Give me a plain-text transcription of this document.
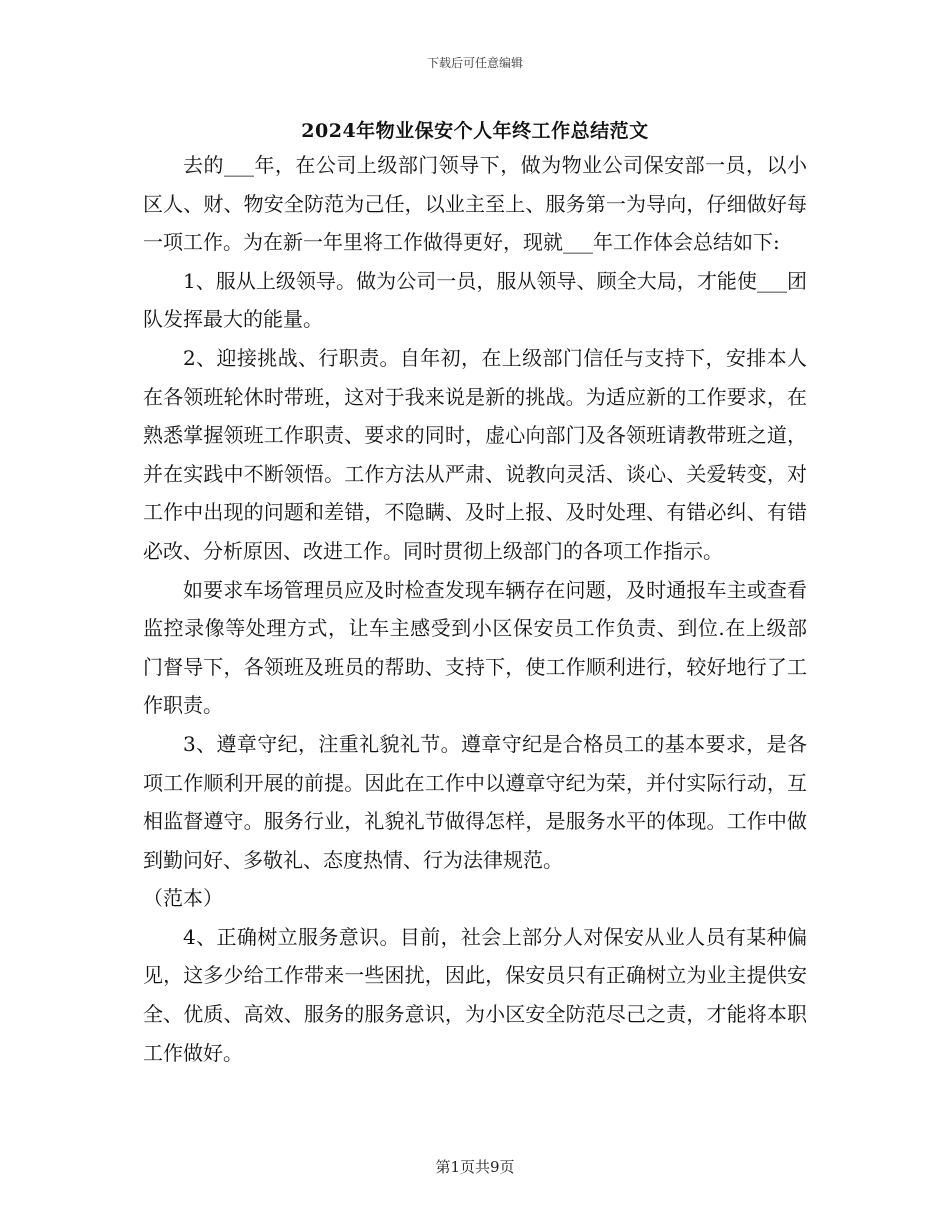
下载后可任意编辑
2024年物业保安个人年终工作总结范文

去的___年，在公司上级部门领导下，做为物业公司保安部一员，以小区人、财、物安全防范为己任，以业主至上、服务第一为导向，仔细做好每一项工作。为在新一年里将工作做得更好，现就___年工作体会总结如下:

1、服从上级领导。做为公司一员，服从领导、顾全大局，才能使___团队发挥最大的能量。

2、迎接挑战、行职责。自年初，在上级部门信任与支持下，安排本人在各领班轮休时带班，这对于我来说是新的挑战。为适应新的工作要求，在熟悉掌握领班工作职责、要求的同时，虚心向部门及各领班请教带班之道，并在实践中不断领悟。工作方法从严肃、说教向灵活、谈心、关爱转变，对工作中出现的问题和差错，不隐瞒、及时上报、及时处理、有错必纠、有错必改、分析原因、改进工作。同时贯彻上级部门的各项工作指示。

如要求车场管理员应及时检查发现车辆存在问题，及时通报车主或查看监控录像等处理方式，让车主感受到小区保安员工作负责、到位.在上级部门督导下，各领班及班员的帮助、支持下，使工作顺利进行，较好地行了工作职责。

3、遵章守纪，注重礼貌礼节。遵章守纪是合格员工的基本要求，是各项工作顺利开展的前提。因此在工作中以遵章守纪为荣，并付实际行动，互相监督遵守。服务行业，礼貌礼节做得怎样，是服务水平的体现。工作中做到勤问好、多敬礼、态度热情、行为法律规范。

（范本）

4、正确树立服务意识。目前，社会上部分人对保安从业人员有某种偏见，这多少给工作带来一些困扰，因此，保安员只有正确树立为业主提供安全、优质、高效、服务的服务意识，为小区安全防范尽己之责，才能将本职工作做好。

第1页共9页
